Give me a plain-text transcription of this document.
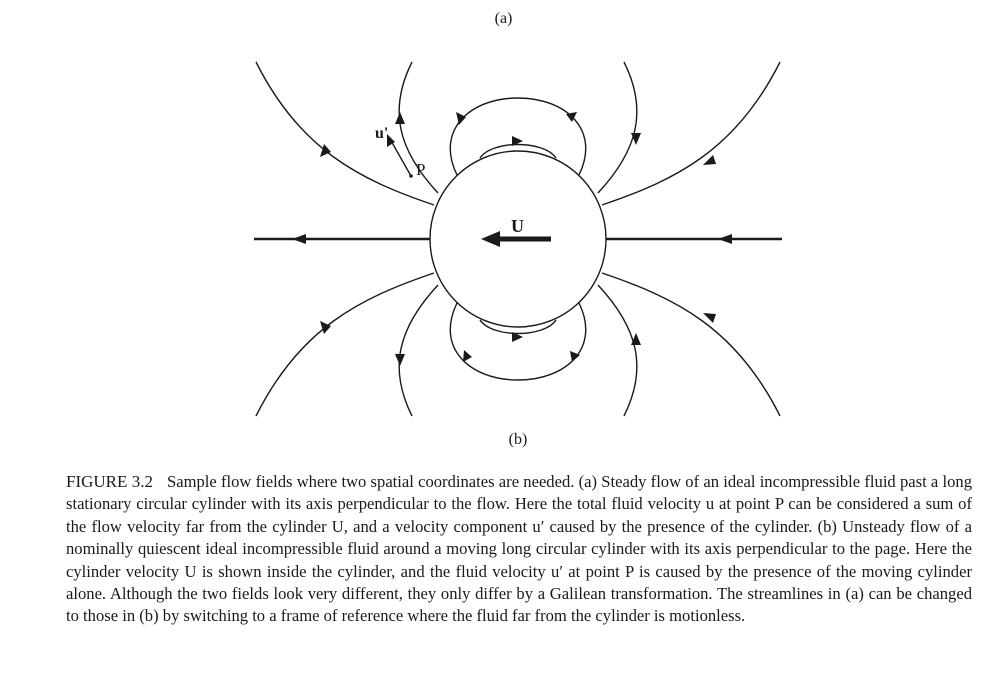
(a)
u'
P
U
(b)
FIGURE 3.2 Sample flow fields where two spatial coordinates are needed. (a) Steady flow of an ideal incompressible fluid past a long stationary circular cylinder with its axis perpendicular to the flow. Here the total fluid velocity u at point P can be considered a sum of the flow velocity far from the cylinder U, and a velocity component u′ caused by the presence of the cylinder. (b) Unsteady flow of a nominally quiescent ideal incompressible fluid around a moving long circular cylinder with its axis perpendicular to the page. Here the cylinder velocity U is shown inside the cylinder, and the fluid velocity u′ at point P is caused by the presence of the moving cylinder alone. Although the two fields look very different, they only differ by a Galilean transformation. The streamlines in (a) can be changed to those in (b) by switching to a frame of reference where the fluid far from the cylinder is motionless.
